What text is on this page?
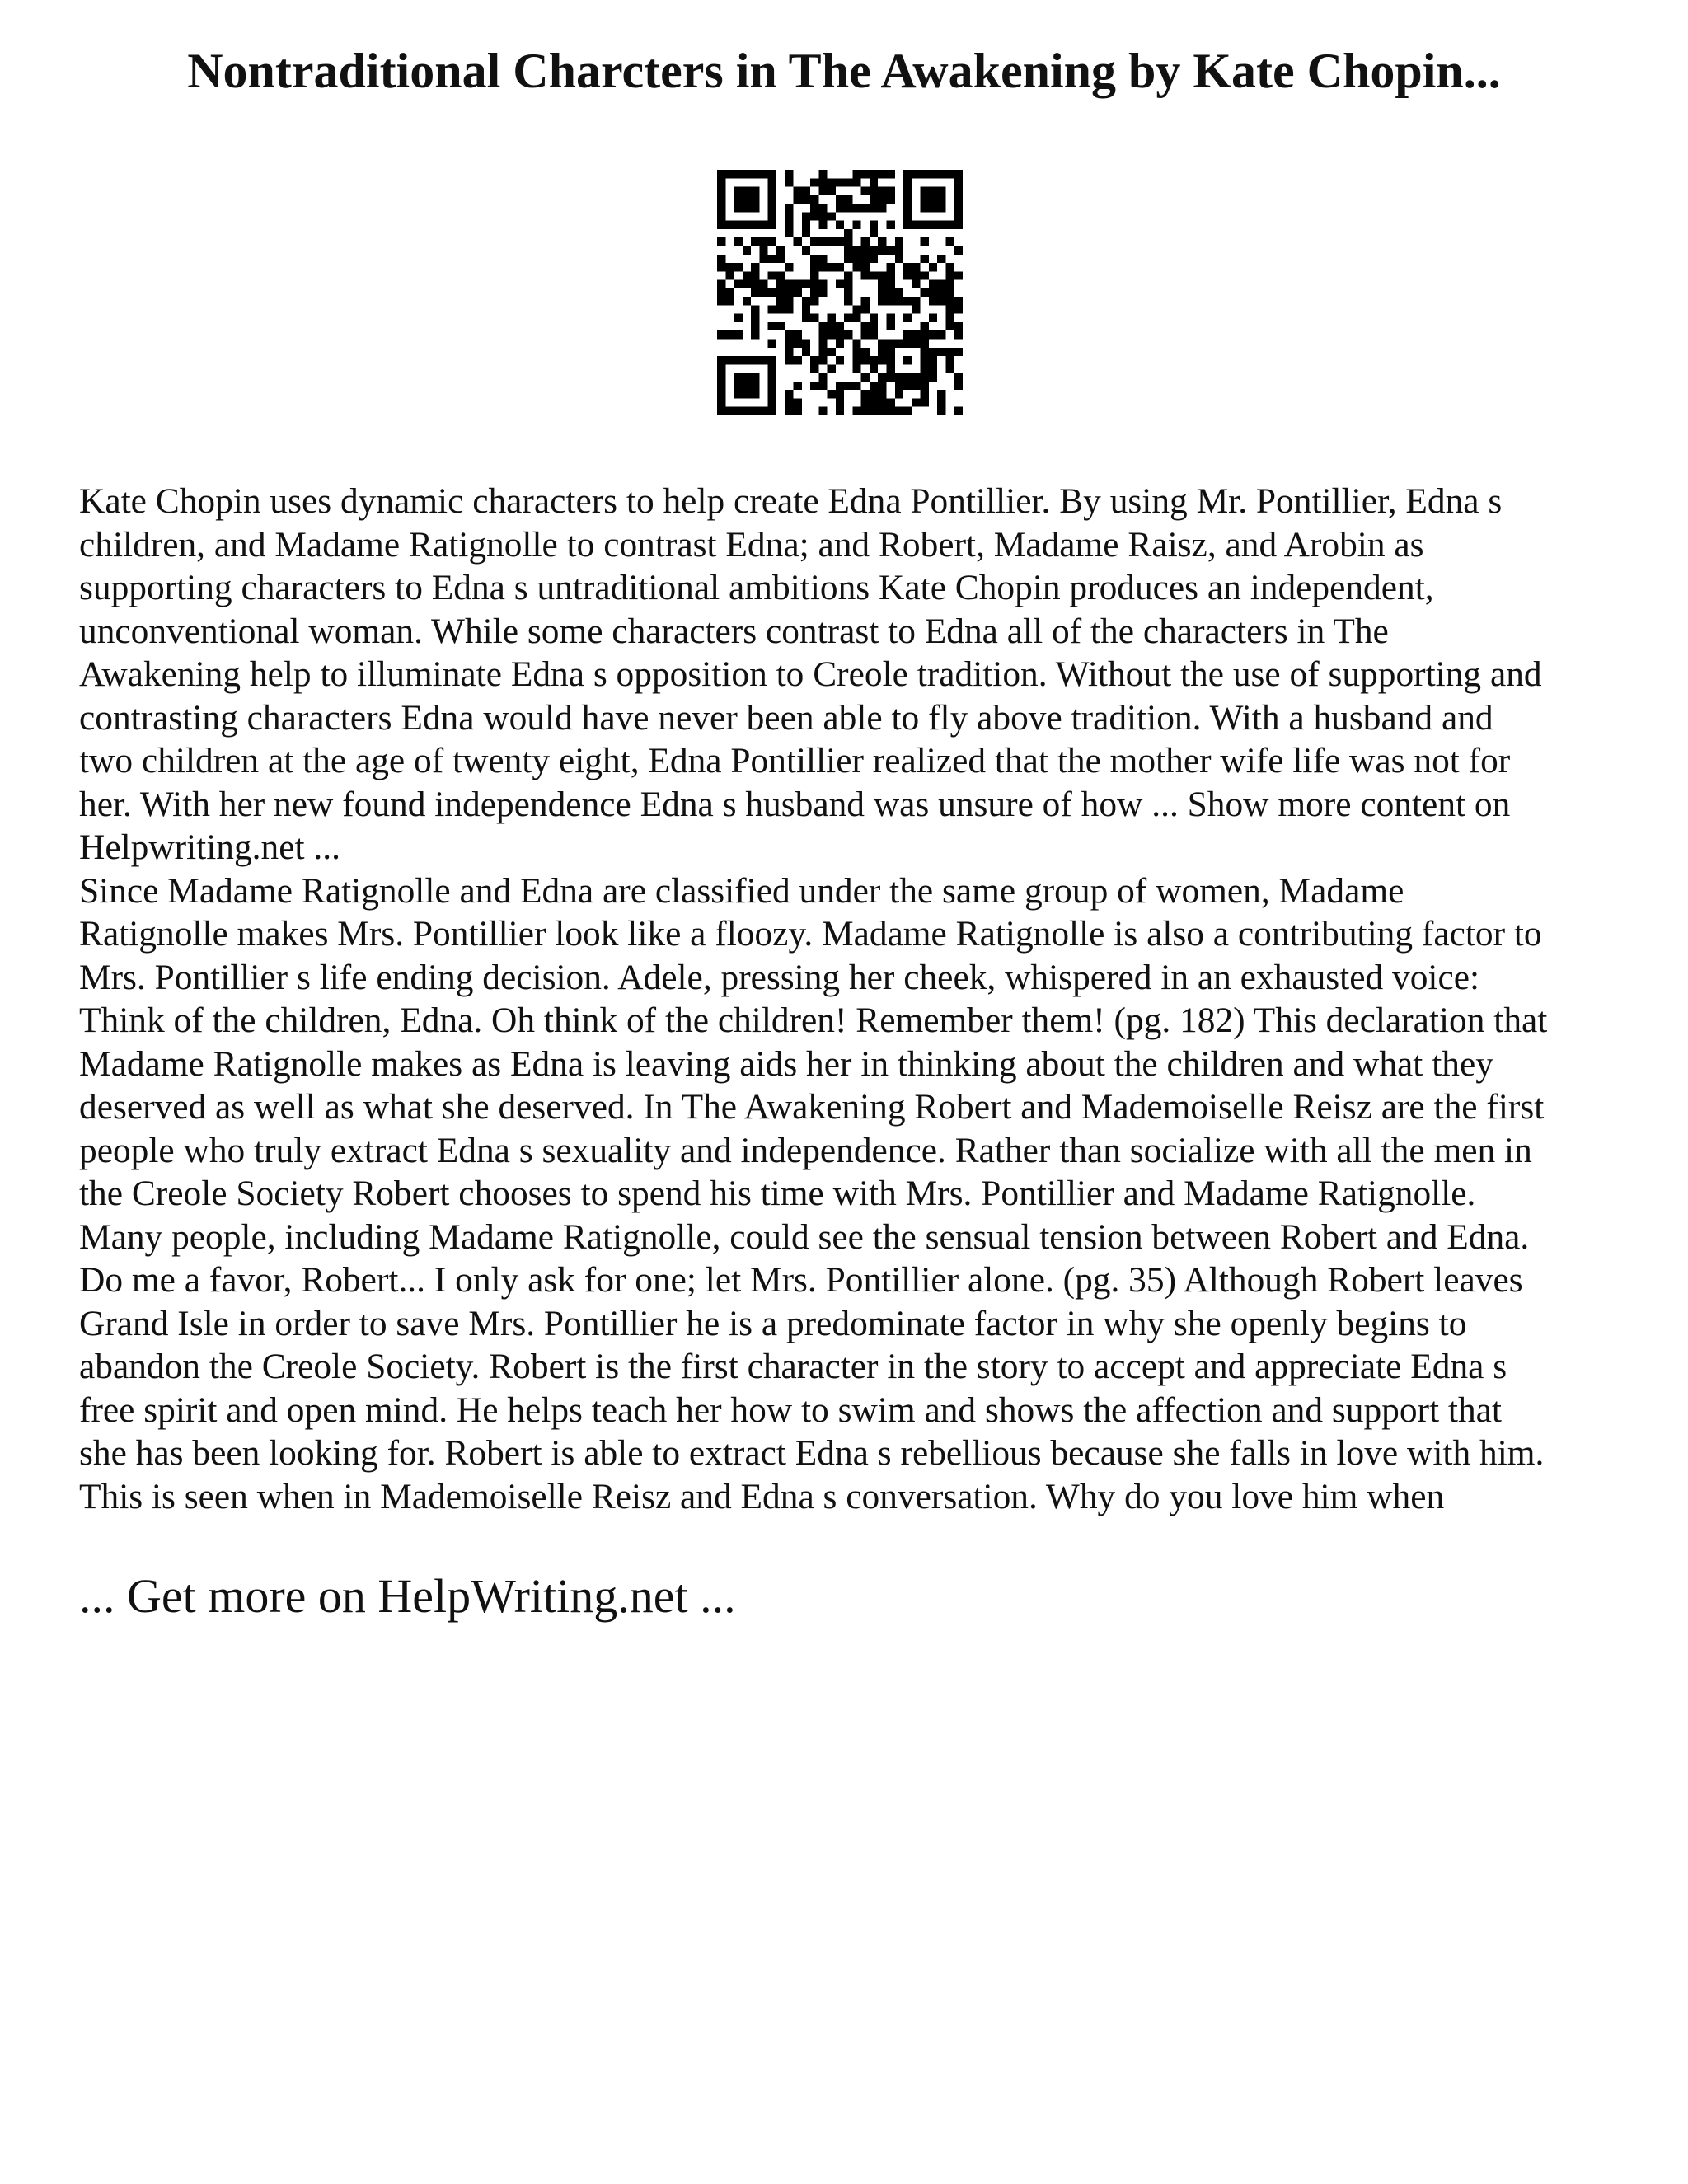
Nontraditional Charcters in The Awakening by Kate Chopin...
Kate Chopin uses dynamic characters to help create Edna Pontillier. By using Mr. Pontillier, Edna s
children, and Madame Ratignolle to contrast Edna; and Robert, Madame Raisz, and Arobin as
supporting characters to Edna s untraditional ambitions Kate Chopin produces an independent,
unconventional woman. While some characters contrast to Edna all of the characters in The
Awakening help to illuminate Edna s opposition to Creole tradition. Without the use of supporting and
contrasting characters Edna would have never been able to fly above tradition. With a husband and
two children at the age of twenty eight, Edna Pontillier realized that the mother wife life was not for
her. With her new found independence Edna s husband was unsure of how ... Show more content on
Helpwriting.net ...
Since Madame Ratignolle and Edna are classified under the same group of women, Madame
Ratignolle makes Mrs. Pontillier look like a floozy. Madame Ratignolle is also a contributing factor to
Mrs. Pontillier s life ending decision. Adele, pressing her cheek, whispered in an exhausted voice:
Think of the children, Edna. Oh think of the children! Remember them! (pg. 182) This declaration that
Madame Ratignolle makes as Edna is leaving aids her in thinking about the children and what they
deserved as well as what she deserved. In The Awakening Robert and Mademoiselle Reisz are the first
people who truly extract Edna s sexuality and independence. Rather than socialize with all the men in
the Creole Society Robert chooses to spend his time with Mrs. Pontillier and Madame Ratignolle.
Many people, including Madame Ratignolle, could see the sensual tension between Robert and Edna.
Do me a favor, Robert... I only ask for one; let Mrs. Pontillier alone. (pg. 35) Although Robert leaves
Grand Isle in order to save Mrs. Pontillier he is a predominate factor in why she openly begins to
abandon the Creole Society. Robert is the first character in the story to accept and appreciate Edna s
free spirit and open mind. He helps teach her how to swim and shows the affection and support that
she has been looking for. Robert is able to extract Edna s rebellious because she falls in love with him.
This is seen when in Mademoiselle Reisz and Edna s conversation. Why do you love him when
... Get more on HelpWriting.net ...
